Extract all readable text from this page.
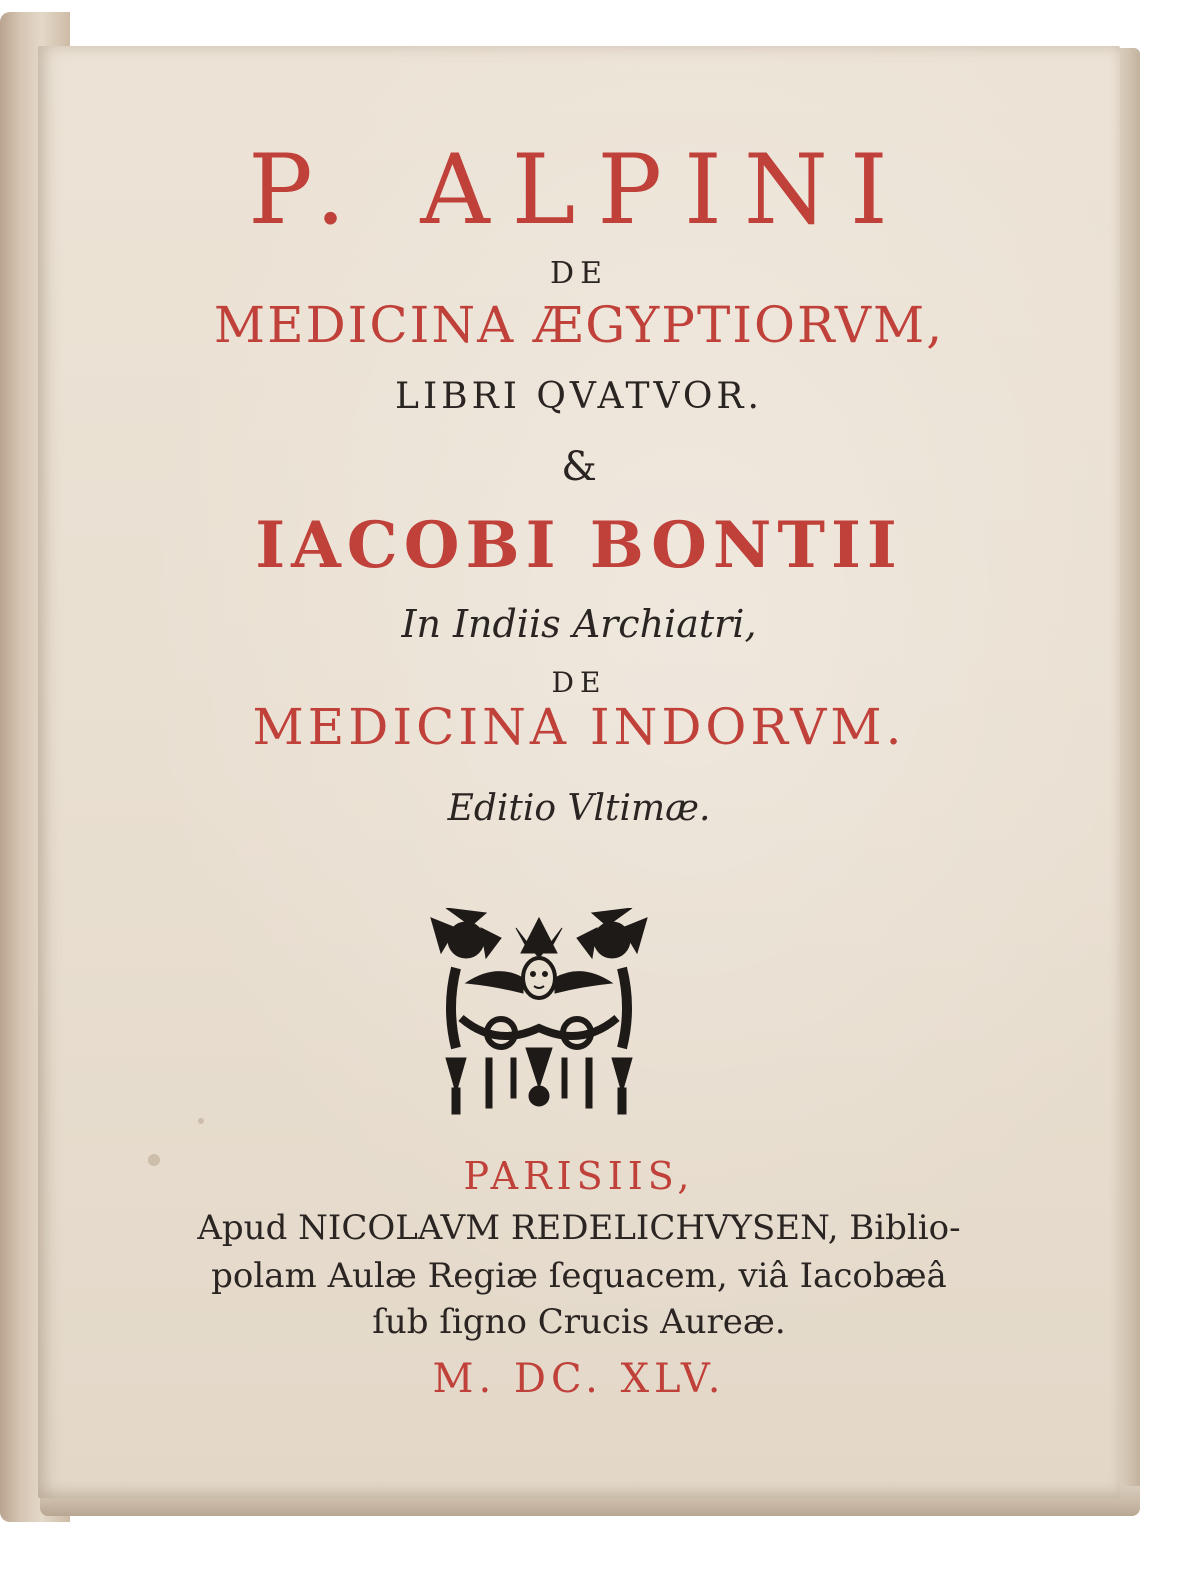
P. ALPINI
DE
MEDICINA ÆGYPTIORVM,
LIBRI QVATVOR.
&
IACOBI BONTII
In Indiis Archiatri,
DE
MEDICINA INDORVM.
Editio Vltimæ.
PARISIIS,
Apud NICOLAVM REDELICHVYSEN, Biblio-
polam Aulæ Regiæ ſequacem, viâ Iacobæâ
ſub ſigno Crucis Aureæ.
M. DC. XLV.
